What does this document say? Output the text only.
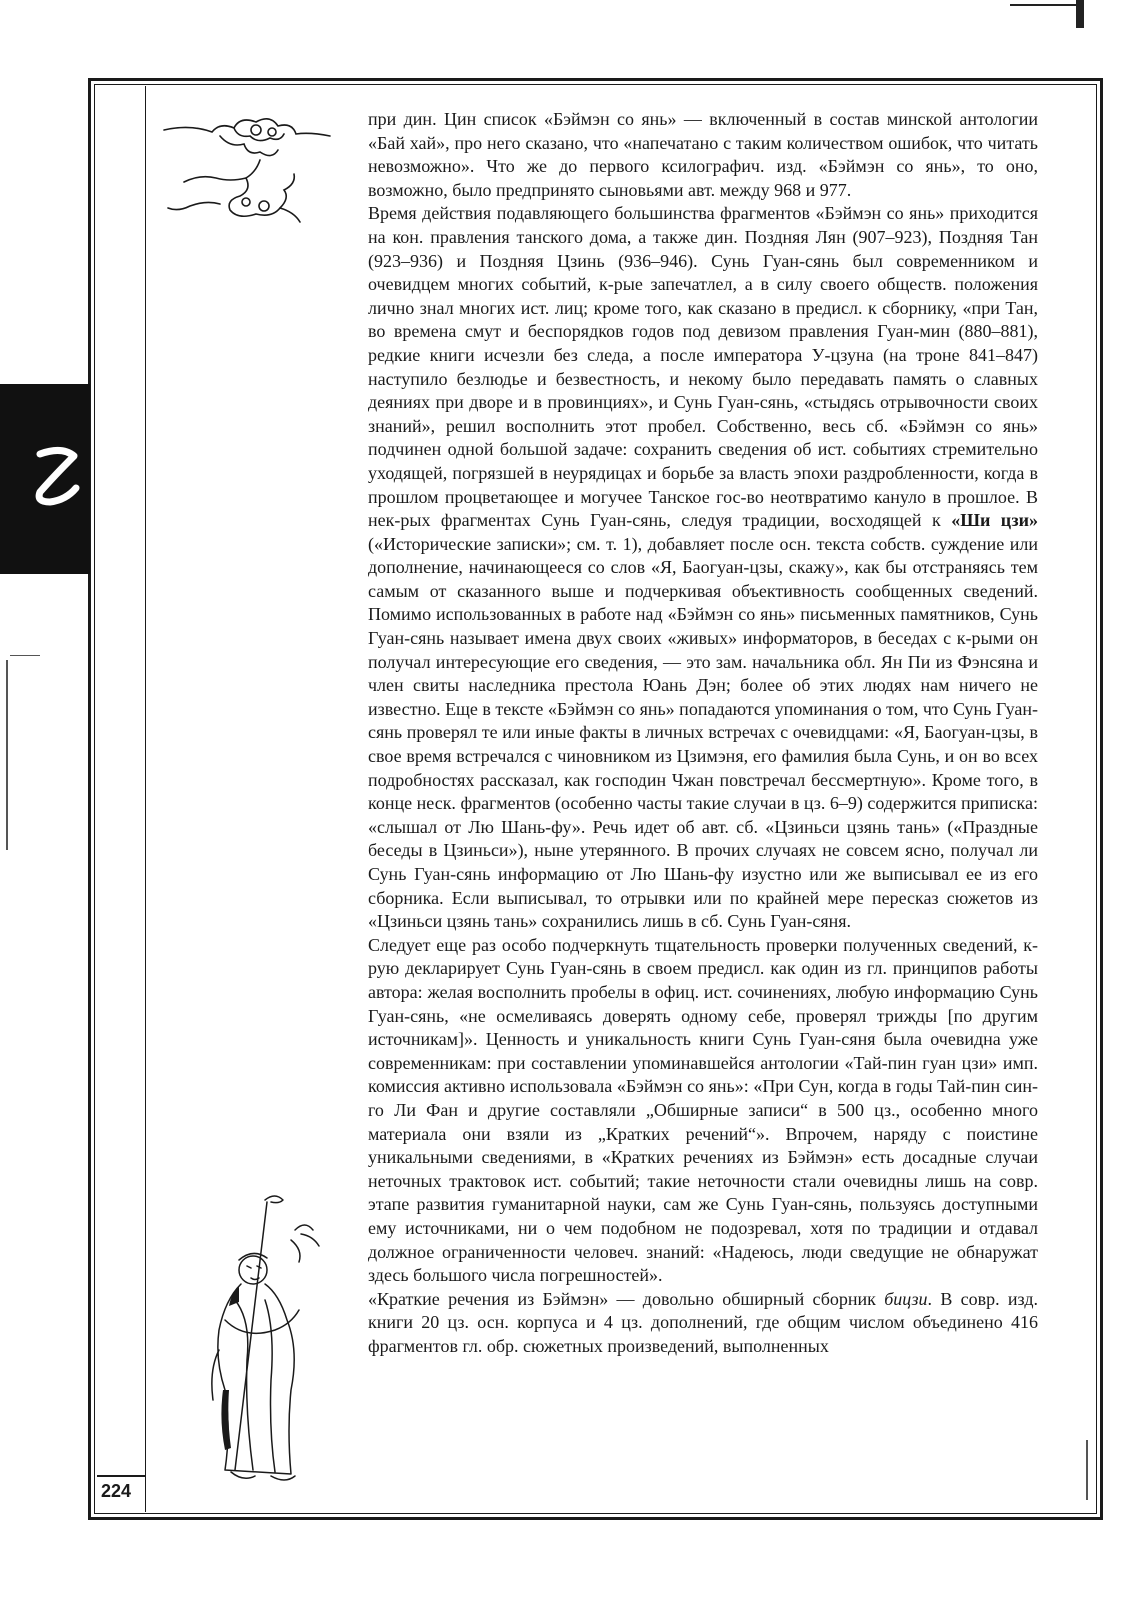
при дин. Цин список «Бэймэн со янь» — включенный в состав минской антологии «Бай хай», про него сказано, что «напечатано с таким количеством ошибок, что читать невозможно». Что же до первого ксилографич. изд. «Бэймэн со янь», то оно, возможно, было предпринято сыновьями авт. между 968 и 977.

Время действия подавляющего большинства фрагментов «Бэймэн со янь» приходится на кон. правления танского дома, а также дин. Поздняя Лян (907–923), Поздняя Тан (923–936) и Поздняя Цзинь (936–946). Сунь Гуан-сянь был современником и очевидцем многих событий, к-рые запечатлел, а в силу своего обществ. положения лично знал многих ист. лиц; кроме того, как сказано в предисл. к сборнику, «при Тан, во времена смут и беспорядков годов под девизом правления Гуан-мин (880–881), редкие книги исчезли без следа, а после императора У-цзуна (на троне 841–847) наступило безлюдье и безвестность, и некому было передавать память о славных деяниях при дворе и в провинциях», и Сунь Гуан-сянь, «стыдясь отрывочности своих знаний», решил восполнить этот пробел. Собственно, весь сб. «Бэймэн со янь» подчинен одной большой задаче: сохранить сведения об ист. событиях стремительно уходящей, погрязшей в неурядицах и борьбе за власть эпохи раздробленности, когда в прошлом процветающее и могучее Танское гос-во неотвратимо кануло в прошлое. В нек-рых фрагментах Сунь Гуан-сянь, следуя традиции, восходящей к «Ши цзи» («Исторические записки»; см. т. 1), добавляет после осн. текста собств. суждение или дополнение, начинающееся со слов «Я, Баогуан-цзы, скажу», как бы отстраняясь тем самым от сказанного выше и подчеркивая объективность сообщенных сведений. Помимо использованных в работе над «Бэймэн со янь» письменных памятников, Сунь Гуан-сянь называет имена двух своих «живых» информаторов, в беседах с к-рыми он получал интересующие его сведения, — это зам. начальника обл. Ян Пи из Фэнсяна и член свиты наследника престола Юань Дэн; более об этих людях нам ничего не известно. Еще в тексте «Бэймэн со янь» попадаются упоминания о том, что Сунь Гуан-сянь проверял те или иные факты в личных встречах с очевидцами: «Я, Баогуан-цзы, в свое время встречался с чиновником из Цзимэня, его фамилия была Сунь, и он во всех подробностях рассказал, как господин Чжан повстречал бессмертную». Кроме того, в конце неск. фрагментов (особенно часты такие случаи в цз. 6–9) содержится приписка: «слышал от Лю Шань-фу». Речь идет об авт. сб. «Цзиньси цзянь тань» («Праздные беседы в Цзиньси»), ныне утерянного. В прочих случаях не совсем ясно, получал ли Сунь Гуан-сянь информацию от Лю Шань-фу изустно или же выписывал ее из его сборника. Если выписывал, то отрывки или по крайней мере пересказ сюжетов из «Цзиньси цзянь тань» сохранились лишь в сб. Сунь Гуан-сяня.

Следует еще раз особо подчеркнуть тщательность проверки полученных сведений, к-рую декларирует Сунь Гуан-сянь в своем предисл. как один из гл. принципов работы автора: желая восполнить пробелы в офиц. ист. сочинениях, любую информацию Сунь Гуан-сянь, «не осмеливаясь доверять одному себе, проверял трижды [по другим источникам]». Ценность и уникальность книги Сунь Гуан-сяня была очевидна уже современникам: при составлении упоминавшейся антологии «Тай-пин гуан цзи» имп. комиссия активно использовала «Бэймэн со янь»: «При Сун, когда в годы Тай-пин син-го Ли Фан и другие составляли „Обширные записи“ в 500 цз., особенно много материала они взяли из „Кратких речений“». Впрочем, наряду с поистине уникальными сведениями, в «Кратких речениях из Бэймэн» есть досадные случаи неточных трактовок ист. событий; такие неточности стали очевидны лишь на совр. этапе развития гуманитарной науки, сам же Сунь Гуан-сянь, пользуясь доступными ему источниками, ни о чем подобном не подозревал, хотя по традиции и отдавал должное ограниченности человеч. знаний: «Надеюсь, люди сведущие не обнаружат здесь большого числа погрешностей».

«Краткие речения из Бэймэн» — довольно обширный сборник бицзи. В совр. изд. книги 20 цз. осн. корпуса и 4 цз. дополнений, где общим числом объединено 416 фрагментов гл. обр. сюжетных произведений, выполненных

224
